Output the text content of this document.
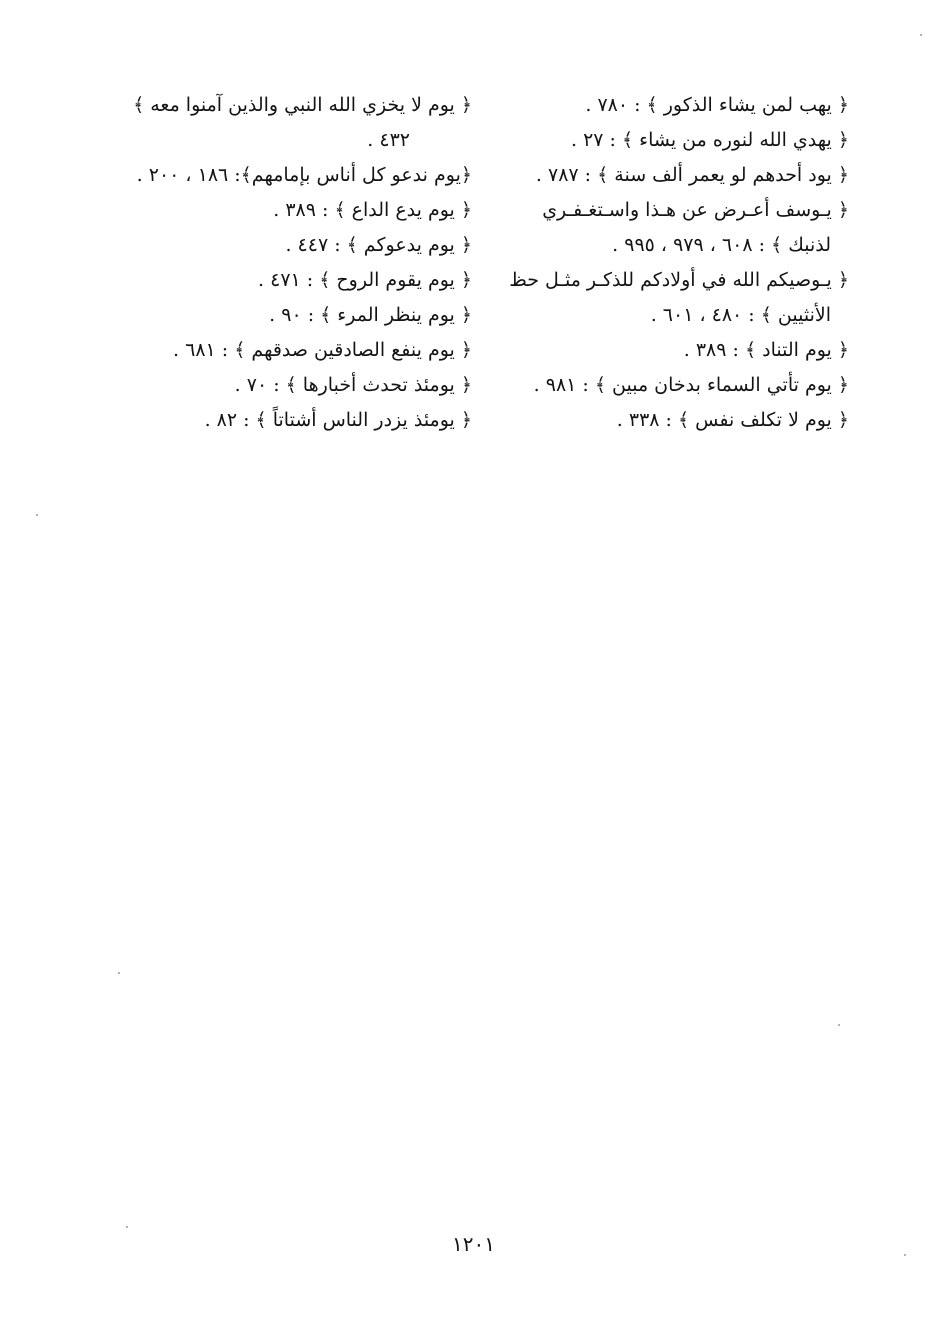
﴿ يهب لمن يشاء الذكور ﴾ : ٧٨٠ .
﴿ يهدي الله لنوره من يشاء ﴾ : ٢٧ .
﴿ يود أحدهم لو يعمر ألف سنة ﴾ : ٧٨٧ .
﴿ يـوسف أعـرض عن هـذا واسـتغـفـري
لذنبك ﴾ : ٦٠٨ ، ٩٧٩ ، ٩٩٥ .
﴿ يـوصيكم الله في أولادكم للذكـر مثـل حظ
الأنثيين ﴾ : ٤٨٠ ، ٦٠١ .
﴿ يوم التناد ﴾ : ٣٨٩ .
﴿ يوم تأتي السماء بدخان مبين ﴾ : ٩٨١ .
﴿ يوم لا تكلف نفس ﴾ : ٣٣٨ .
﴿ يوم لا يخزي الله النبي والذين آمنوا معه ﴾
٤٣٢ .
﴿يوم ندعو كل أناس بإمامهم﴾: ١٨٦ ، ٢٠٠ .
﴿ يوم يدع الداع ﴾ : ٣٨٩ .
﴿ يوم يدعوكم ﴾ : ٤٤٧ .
﴿ يوم يقوم الروح ﴾ : ٤٧١ .
﴿ يوم ينظر المرء ﴾ : ٩٠ .
﴿ يوم ينفع الصادقين صدقهم ﴾ : ٦٨١ .
﴿ يومئذ تحدث أخبارها ﴾ : ٧٠ .
﴿ يومئذ يزدر الناس أشتاتاً ﴾ : ٨٢ .
١٢٠١
